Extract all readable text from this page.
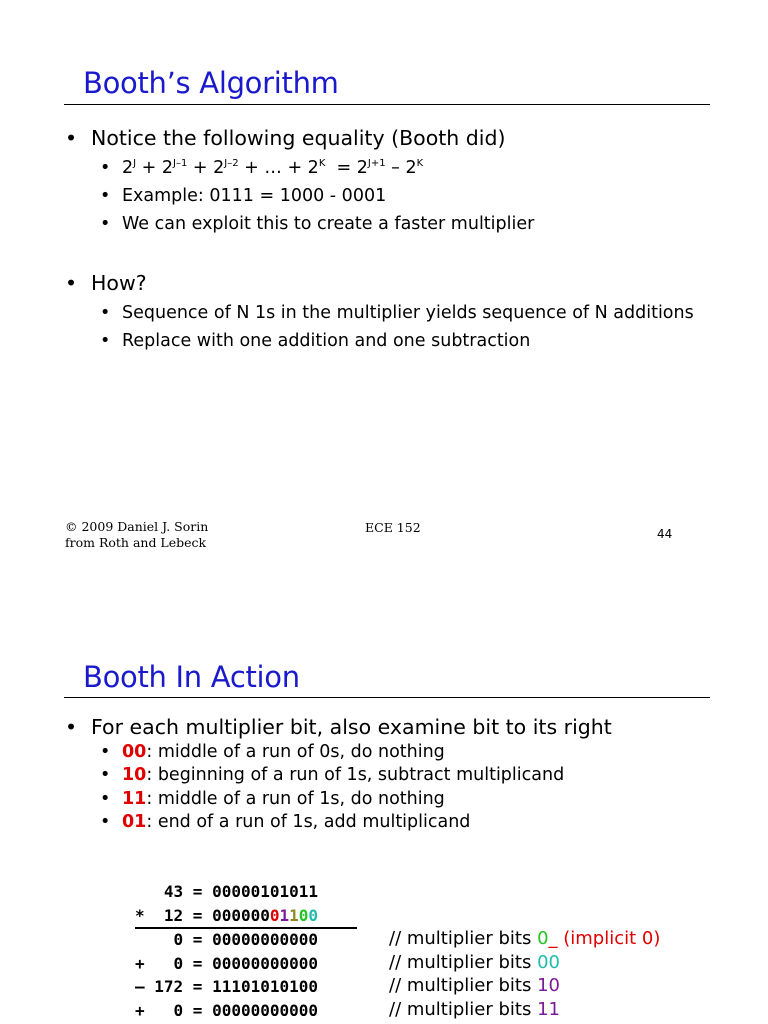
Booth’s Algorithm
• Notice the following equality (Booth did)
• $2^J + 2^{J-1} + 2^{J-2}$ + … + $2^K = 2^{J+1} - 2^K$
• Example: 0111 = 1000 - 0001
• We can exploit this to create a faster multiplier
• How?
• Sequence of N 1s in the multiplier yields sequence of N additions
• Replace with one addition and one subtraction
© 2009 Daniel J. Sorin
from Roth and Lebeck
ECE 152	44
Booth In Action
• For each multiplier bit, also examine bit to its right
• 00: middle of a run of 0s, do nothing
• 10: beginning of a run of 1s, subtract multiplicand
• 11: middle of a run of 1s, do nothing
• 01: end of a run of 1s, add multiplicand
43 = 00000101011
*  12 = 00000001100
0 = 00000000000	// multiplier bits 0_ (implicit 0)
+   0 = 00000000000	// multiplier bits 00
– 172 = 11101010100	// multiplier bits 10
+   0 = 00000000000	// multiplier bits 11
